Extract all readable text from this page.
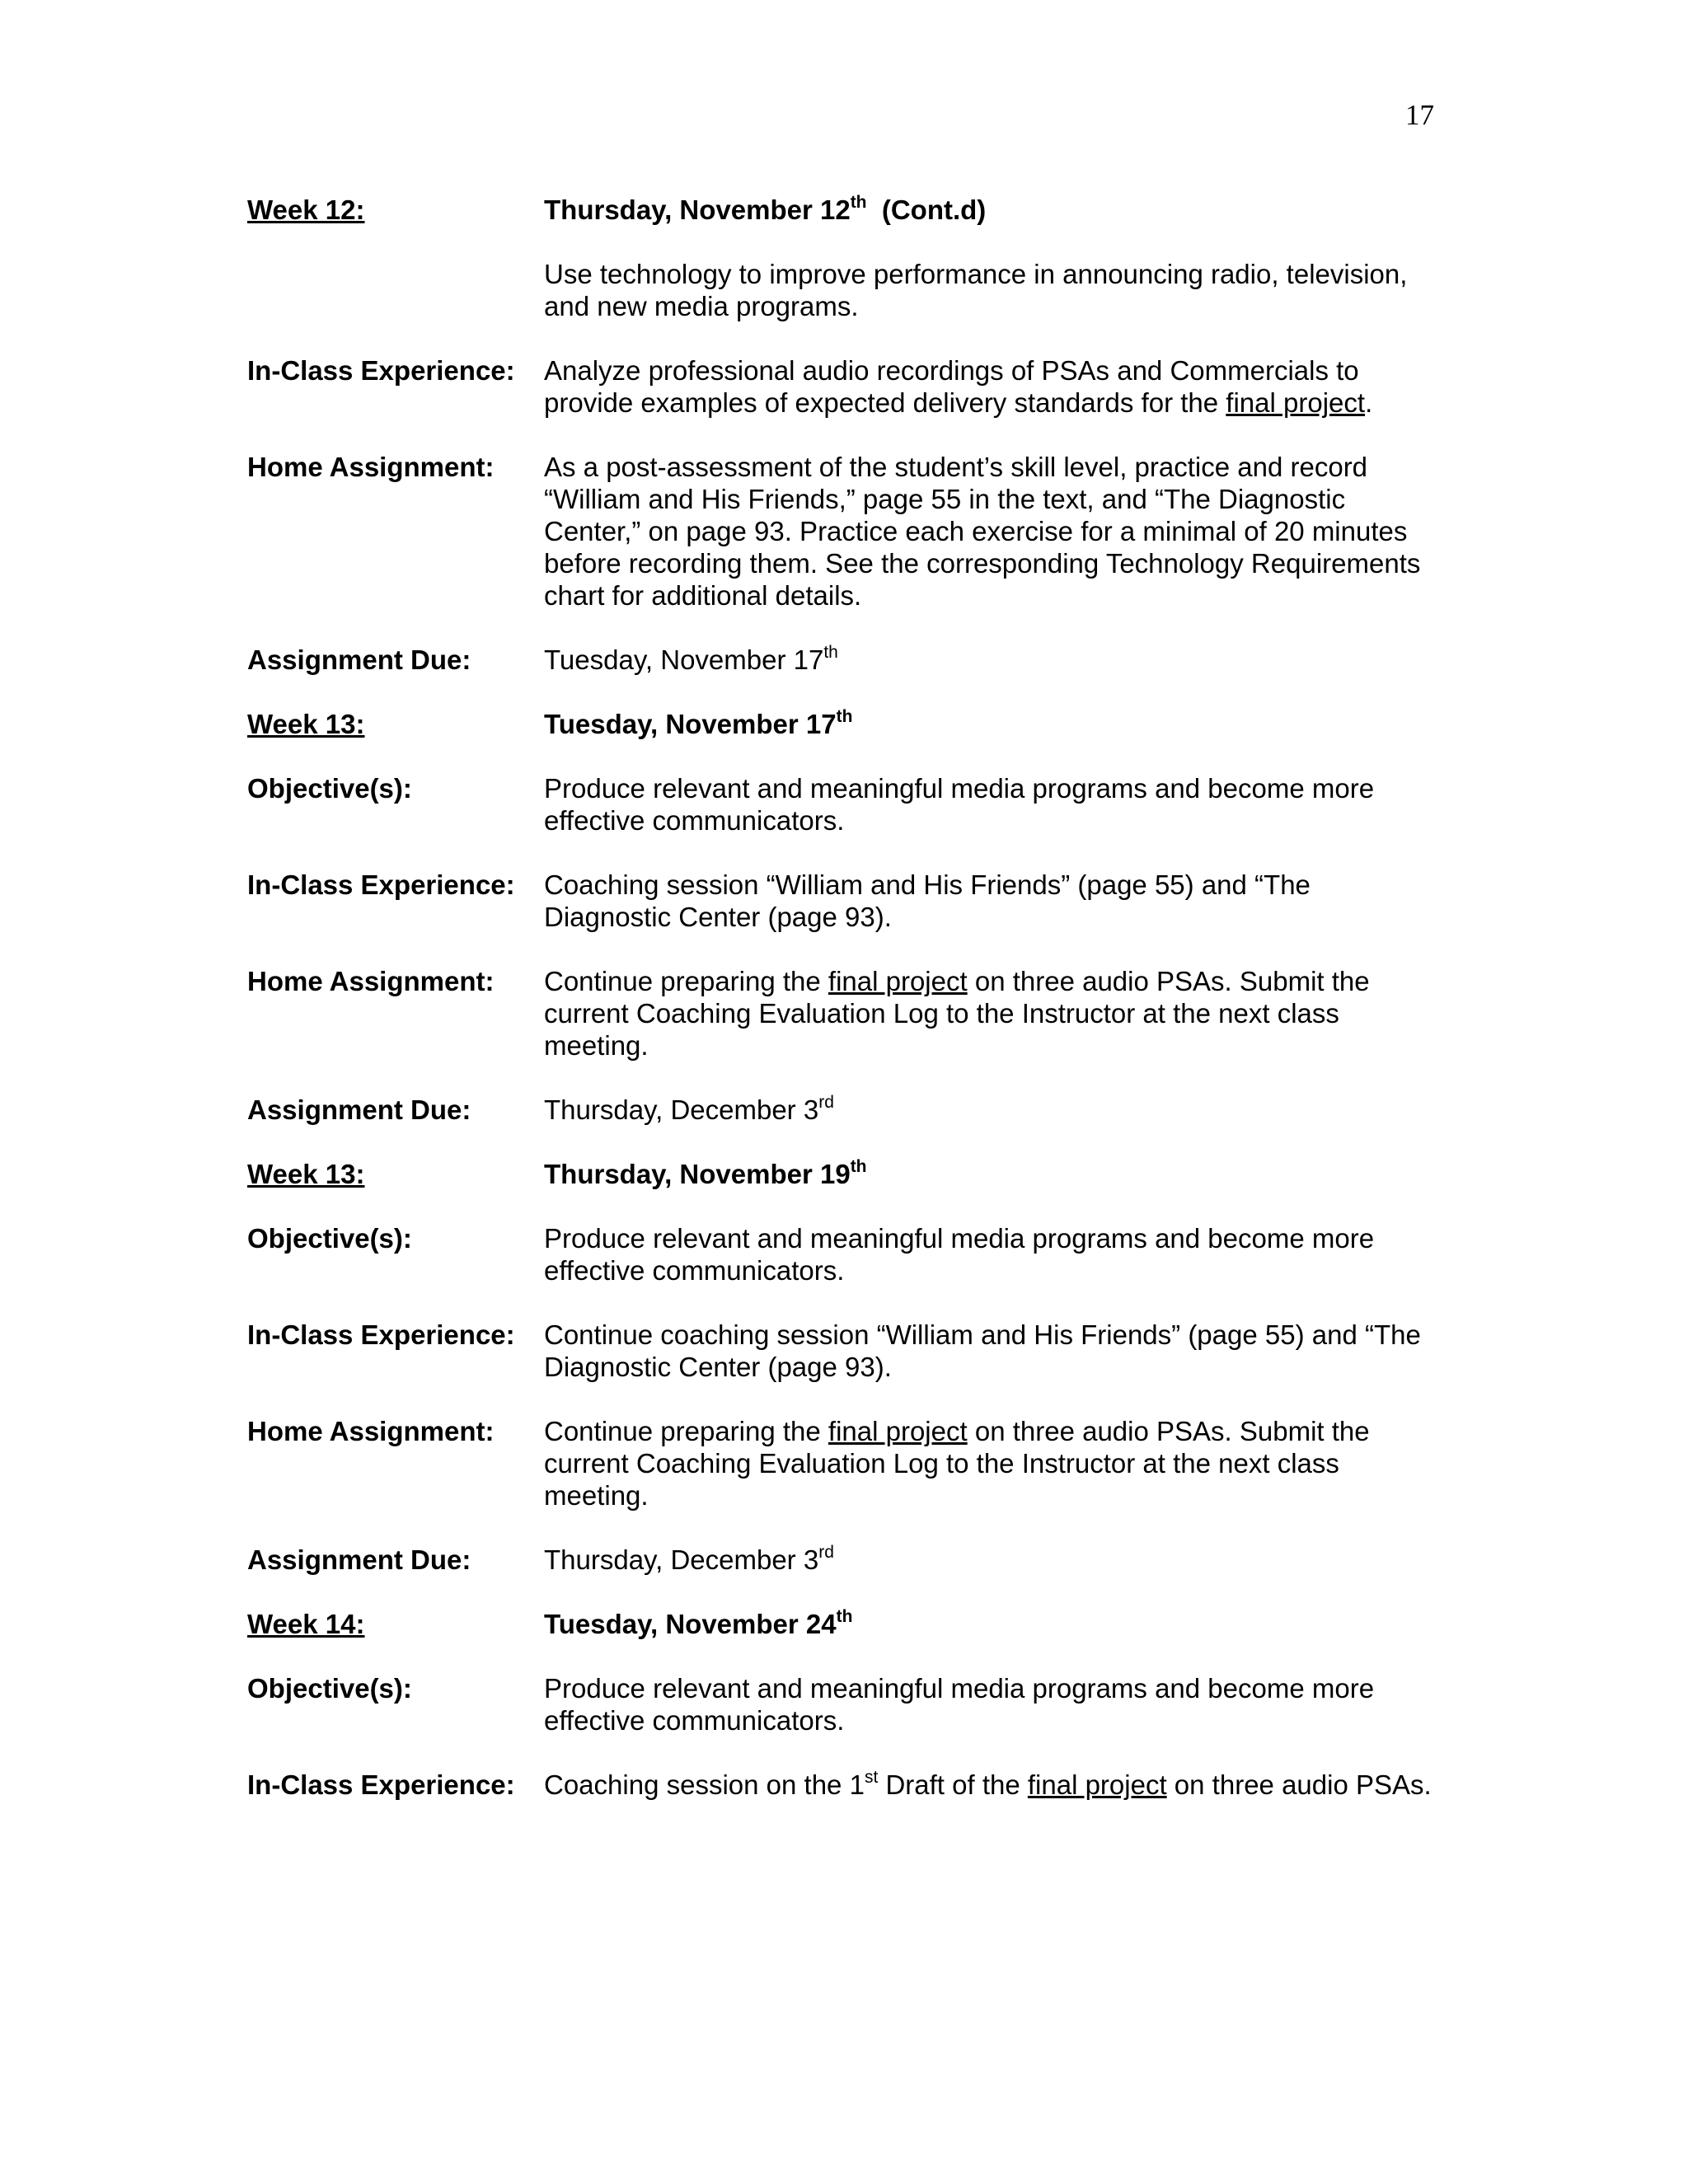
17
Week 12:	Thursday, November 12th (Cont.d)
Use technology to improve performance in announcing radio, television, and new media programs.
In-Class Experience:	Analyze professional audio recordings of PSAs and Commercials to provide examples of expected delivery standards for the final project.
Home Assignment:	As a post-assessment of the student’s skill level, practice and record “William and His Friends,” page 55 in the text, and “The Diagnostic Center,” on page 93. Practice each exercise for a minimal of 20 minutes before recording them. See the corresponding Technology Requirements chart for additional details.
Assignment Due:	Tuesday, November 17th
Week 13:	Tuesday, November 17th
Objective(s):	Produce relevant and meaningful media programs and become more effective communicators.
In-Class Experience:	Coaching session “William and His Friends” (page 55) and “The Diagnostic Center (page 93).
Home Assignment:	Continue preparing the final project on three audio PSAs. Submit the current Coaching Evaluation Log to the Instructor at the next class meeting.
Assignment Due:	Thursday, December 3rd
Week 13:	Thursday, November 19th
Objective(s):	Produce relevant and meaningful media programs and become more effective communicators.
In-Class Experience:	Continue coaching session “William and His Friends” (page 55) and “The Diagnostic Center (page 93).
Home Assignment:	Continue preparing the final project on three audio PSAs. Submit the current Coaching Evaluation Log to the Instructor at the next class meeting.
Assignment Due:	Thursday, December 3rd
Week 14:	Tuesday, November 24th
Objective(s):	Produce relevant and meaningful media programs and become more effective communicators.
In-Class Experience:	Coaching session on the 1st Draft of the final project on three audio PSAs.
